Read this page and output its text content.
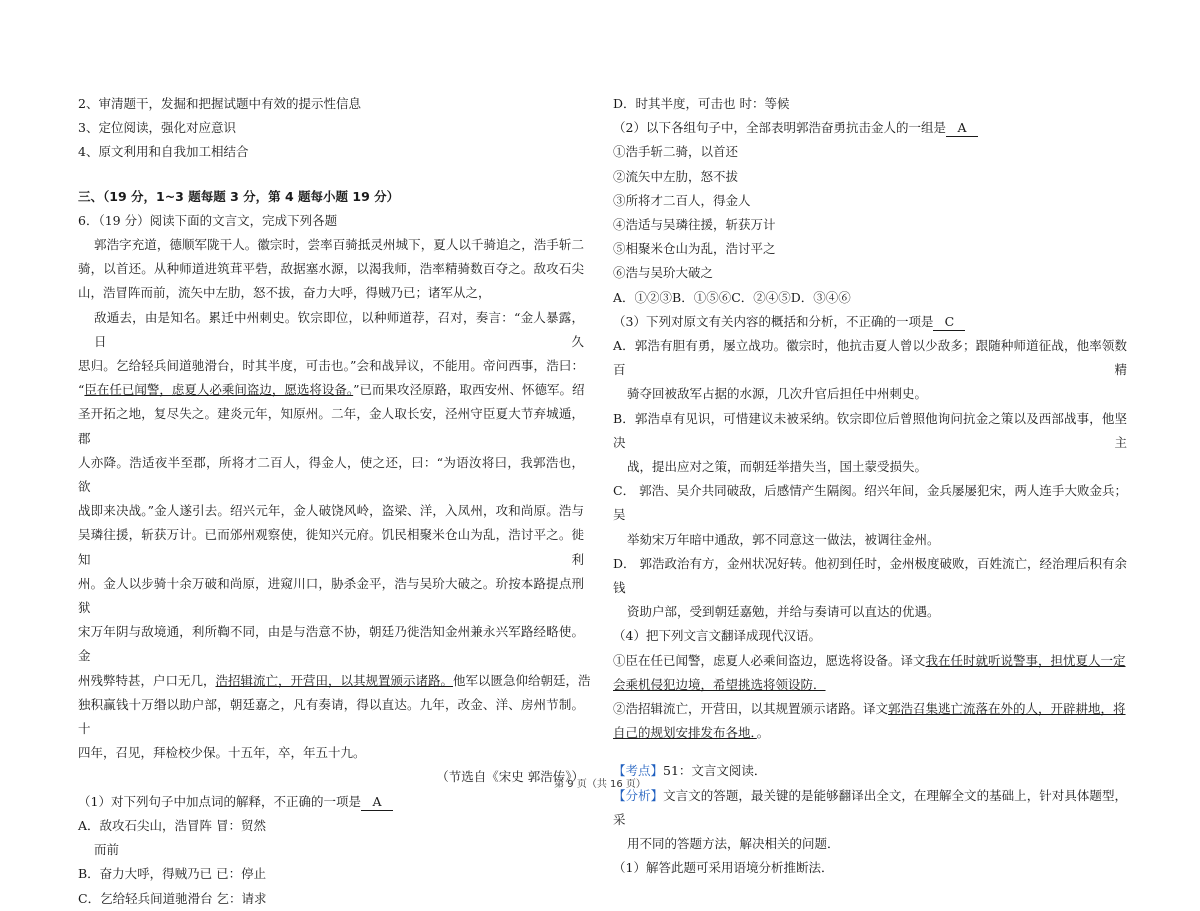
2、审清题干，发掘和把握试题中有效的提示性信息
3、定位阅读，强化对应意识
4、原文利用和自我加工相结合
三、（19 分，1~3 题每题 3 分，第 4 题每小题 19 分）
6．（19 分）阅读下面的文言文，完成下列各题
郭浩字充道，德顺军陇干人。徽宗时，尝率百骑抵灵州城下，夏人以千骑追之，浩手斩二
骑，以首还。从种师道进筑茸平砦，敌据塞水源，以渴我师，浩率精骑数百夺之。敌攻石尖
山，浩冒阵而前，流矢中左肋，怒不拔，奋力大呼，得贼乃已；诸军从之，
敌遁去，由是知名。累迁中州刺史。钦宗即位，以种师道荐，召对，奏言：“金人暴露，日久
思归。乞给轻兵间道驰滑台，时其半度，可击也。”会和战异议，不能用。帝问西事，浩曰：
“臣在任已闻警，虑夏人必乘间盗边，愿选将设备。”已而果攻泾原路，取西安州、怀德军。绍
圣开拓之地，复尽失之。建炎元年，知原州。二年，金人取长安，泾州守臣夏大节弃城遁，郡
人亦降。浩适夜半至郡，所将才二百人，得金人，使之还，曰：“为语汝将曰，我郭浩也，欲
战即来决战。”金人遂引去。绍兴元年，金人破饶风岭，盗梁、洋，入凤州，攻和尚原。浩与
吴璘往援，斩获万计。已而邠州观察使，徙知兴元府。饥民相聚米仓山为乱，浩讨平之。徙知利
州。金人以步骑十余万破和尚原，进窥川口，胁杀金平，浩与吴玠大破之。玠按本路提点刑狱
宋万年阴与敌境通，利所鞫不同，由是与浩意不协，朝廷乃徙浩知金州兼永兴军路经略使。金
州残弊特甚，户口无几，浩招辑流亡，开营田，以其规置颁示诸路。他军以匮急仰给朝廷，浩
独积赢钱十万缗以助户部，朝廷嘉之，凡有奏请，得以直达。九年，改金、洋、房州节制。十
四年，召见，拜检校少保。十五年，卒，年五十九。
（节选自《宋史 郭浩传》）
（1）对下列句子中加点词的解释，不正确的一项是 A
A．敌攻石尖山，浩冒阵 冒：贸然
而前
B．奋力大呼，得贼乃已 已：停止
C．乞给轻兵间道驰滑台 乞：请求
D．时其半度，可击也 时：等候
（2）以下各组句子中，全部表明郭浩奋勇抗击金人的一组是 A
①浩手斩二骑，以首还
②流矢中左肋，怒不拔
③所将才二百人，得金人
④浩适与吴璘往援，斩获万计
⑤相聚米仓山为乱，浩讨平之
⑥浩与吴玠大破之
A．①②③B．①⑤⑥C．②④⑤D．③④⑥
（3）下列对原文有关内容的概括和分析，不正确的一项是 C
A．郭浩有胆有勇，屡立战功。徽宗时，他抗击夏人曾以少敌多；跟随种师道征战，他率领数百精
骑夺回被敌军占据的水源，几次升官后担任中州刺史。
B．郭浩卓有见识，可惜建议未被采纳。钦宗即位后曾照他询问抗金之策以及西部战事，他坚决主
战，提出应对之策，而朝廷举措失当，国土蒙受损失。
C． 郭浩、吴介共同破敌，后感情产生隔阂。绍兴年间，金兵屡屡犯宋，两人连手大败金兵；吴
举劾宋万年暗中通敌，郭不同意这一做法，被调往金州。
D． 郭浩政治有方，金州状况好转。他初到任时，金州极度破败，百姓流亡，经治理后积有余钱
资助户部，受到朝廷嘉勉，并给与奏请可以直达的优遇。
（4）把下列文言文翻译成现代汉语。
①臣在任已闻警，虑夏人必乘间盗边，愿选将设备。译文我在任时就听说警事，担忧夏人一定
会乘机侵犯边境，希望挑选将领设防．
②浩招辑流亡，开营田，以其规置颁示诸路。译文郭浩召集逃亡流落在外的人，开辟耕地，将
自己的规划安排发布各地．。
【考点】51：文言文阅读．
【分析】文言文的答题，最关键的是能够翻译出全文，在理解全文的基础上，针对具体题型，采
用不同的答题方法，解决相关的问题．
（1）解答此题可采用语境分析推断法．
第 9 页（共 16 页）
